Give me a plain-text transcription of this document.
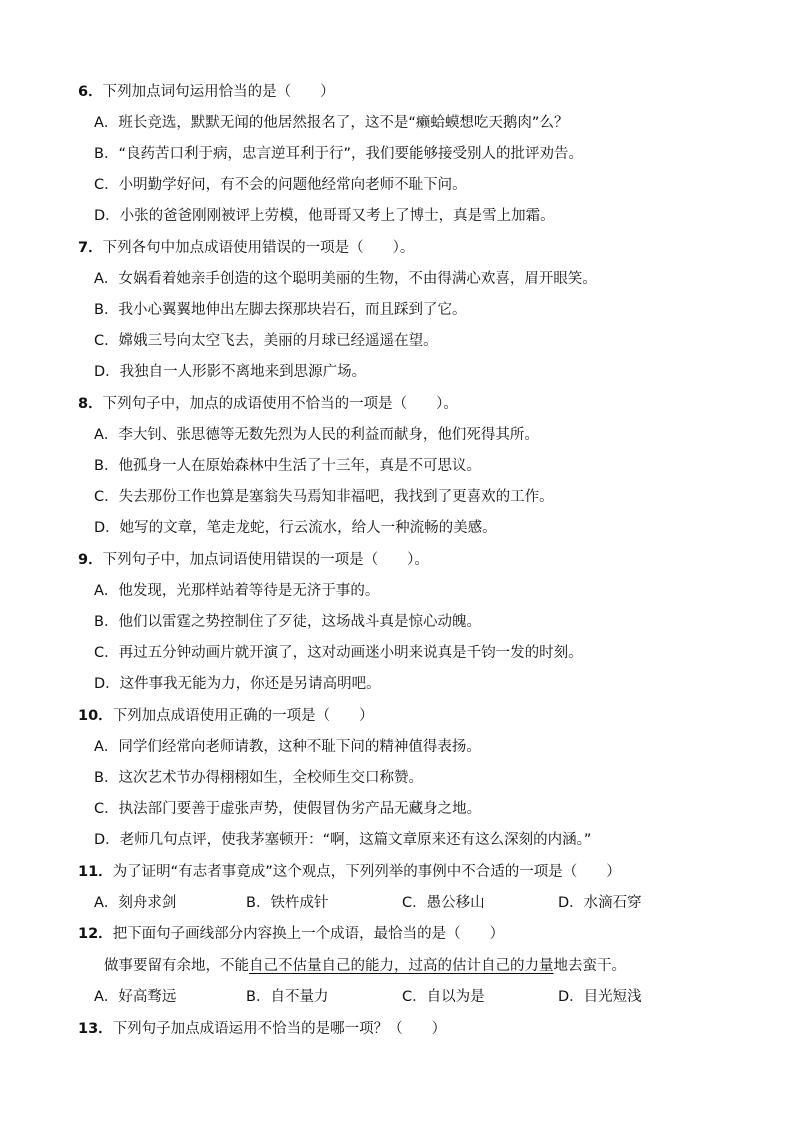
6．下列加点词句运用恰当的是（　　）
A．班长竞选，默默无闻的他居然报名了，这不是“癞蛤蟆想吃天鹅肉”么？
B．“良药苦口利于病，忠言逆耳利于行”，我们要能够接受别人的批评劝告。
C．小明勤学好问，有不会的问题他经常向老师不耻下问。
D．小张的爸爸刚刚被评上劳模，他哥哥又考上了博士，真是雪上加霜。
7．下列各句中加点成语使用错误的一项是（　　）。
A．女娲看着她亲手创造的这个聪明美丽的生物，不由得满心欢喜，眉开眼笑。
B．我小心翼翼地伸出左脚去探那块岩石，而且踩到了它。
C．嫦娥三号向太空飞去，美丽的月球已经遥遥在望。
D．我独自一人形影不离地来到思源广场。
8．下列句子中，加点的成语使用不恰当的一项是（　　）。
A．李大钊、张思德等无数先烈为人民的利益而献身，他们死得其所。
B．他孤身一人在原始森林中生活了十三年，真是不可思议。
C．失去那份工作也算是塞翁失马焉知非福吧，我找到了更喜欢的工作。
D．她写的文章，笔走龙蛇，行云流水，给人一种流畅的美感。
9．下列句子中，加点词语使用错误的一项是（　　）。
A．他发现，光那样站着等待是无济于事的。
B．他们以雷霆之势控制住了歹徒，这场战斗真是惊心动魄。
C．再过五分钟动画片就开演了，这对动画迷小明来说真是千钧一发的时刻。
D．这件事我无能为力，你还是另请高明吧。
10．下列加点成语使用正确的一项是（　　）
A．同学们经常向老师请教，这种不耻下问的精神值得表扬。
B．这次艺术节办得栩栩如生，全校师生交口称赞。
C．执法部门要善于虚张声势，使假冒伪劣产品无藏身之地。
D．老师几句点评，使我茅塞顿开：“啊，这篇文章原来还有这么深刻的内涵。”
11．为了证明“有志者事竟成”这个观点，下列列举的事例中不合适的一项是（　　）
A．刻舟求剑	B．铁杵成针	C．愚公移山	D．水滴石穿
12．把下面句子画线部分内容换上一个成语，最恰当的是（　　）
做事要留有余地，不能自己不估量自己的能力，过高的估计自己的力量地去蛮干。
A．好高骛远	B．自不量力	C．自以为是	D．目光短浅
13．下列句子加点成语运用不恰当的是哪一项？（　　）
